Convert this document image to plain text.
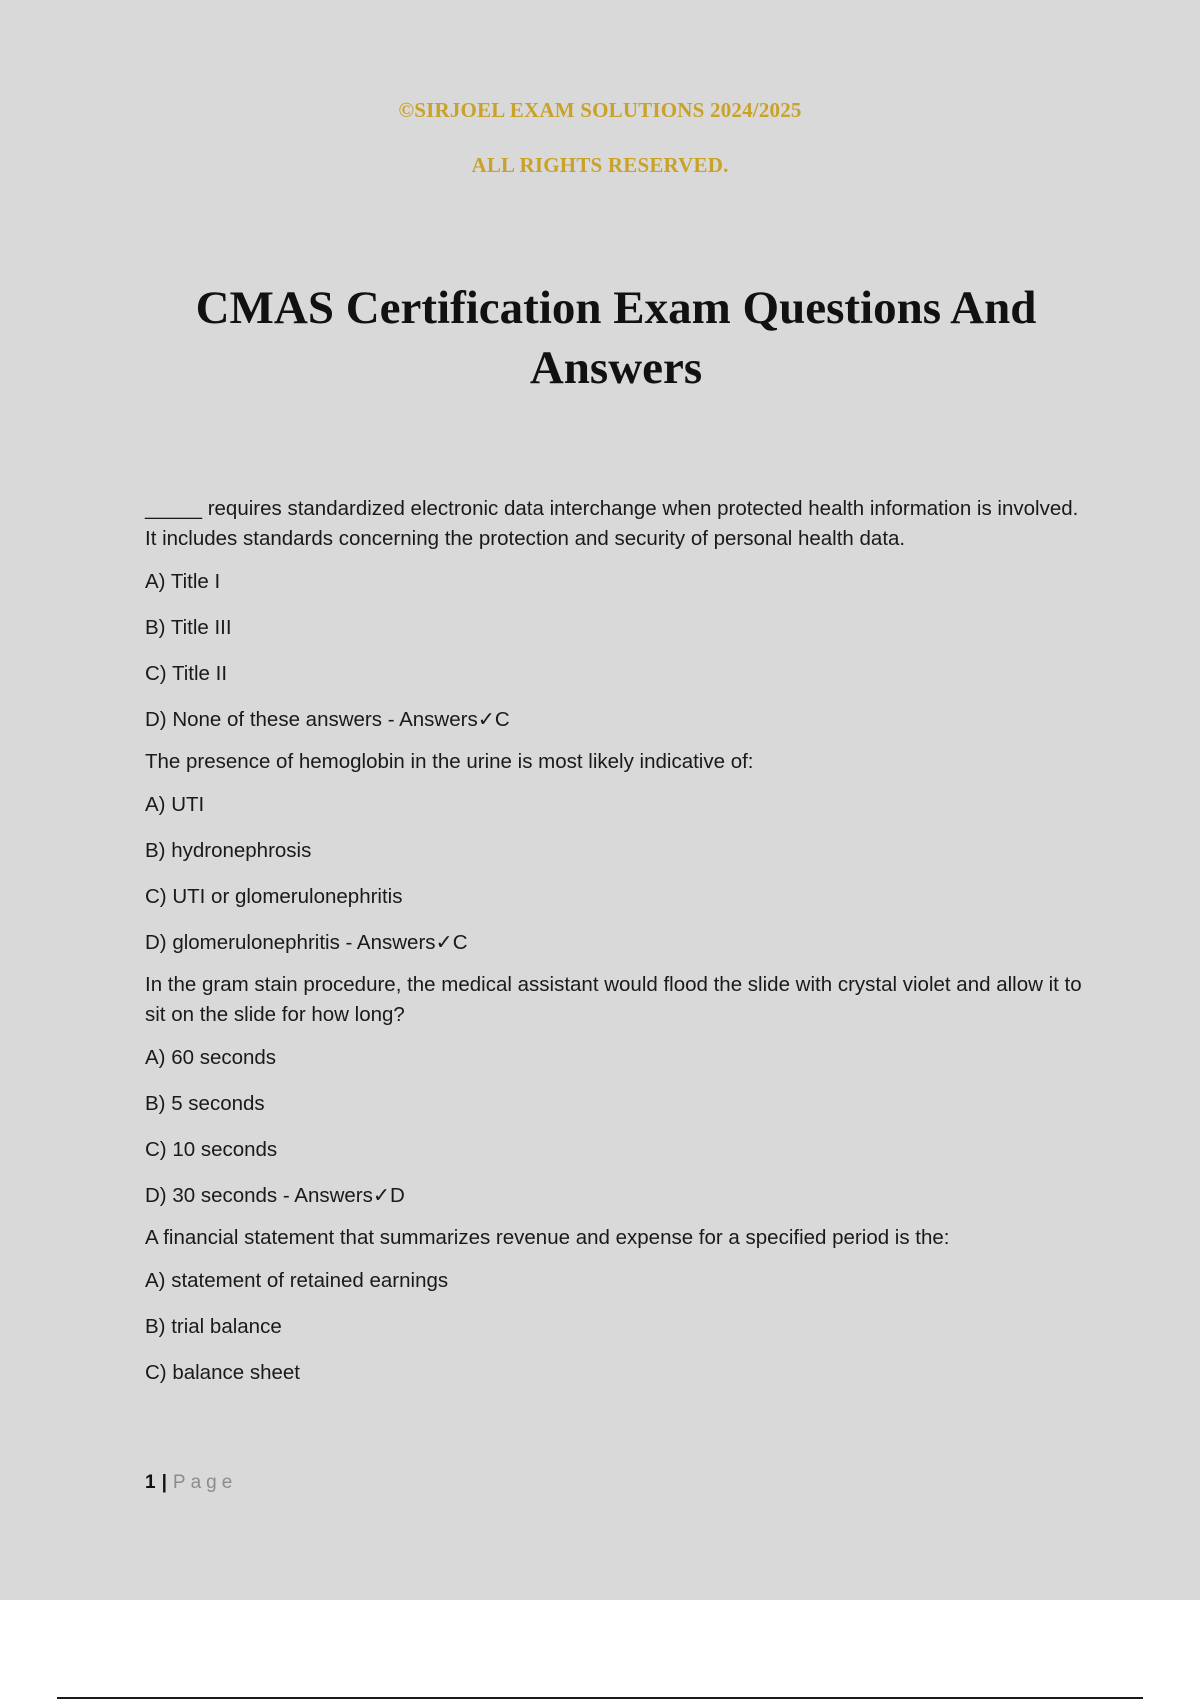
©SIRJOEL EXAM SOLUTIONS 2024/2025
ALL RIGHTS RESERVED.
CMAS Certification Exam Questions And Answers

_____ requires standardized electronic data interchange when protected health information is involved. It includes standards concerning the protection and security of personal health data.

A) Title I

B) Title III

C) Title II

D) None of these answers - Answers✓C

The presence of hemoglobin in the urine is most likely indicative of:

A) UTI

B) hydronephrosis

C) UTI or glomerulonephritis

D) glomerulonephritis - Answers✓C

In the gram stain procedure, the medical assistant would flood the slide with crystal violet and allow it to sit on the slide for how long?

A) 60 seconds

B) 5 seconds

C) 10 seconds

D) 30 seconds - Answers✓D

A financial statement that summarizes revenue and expense for a specified period is the:

A) statement of retained earnings

B) trial balance

C) balance sheet

1 | Page
